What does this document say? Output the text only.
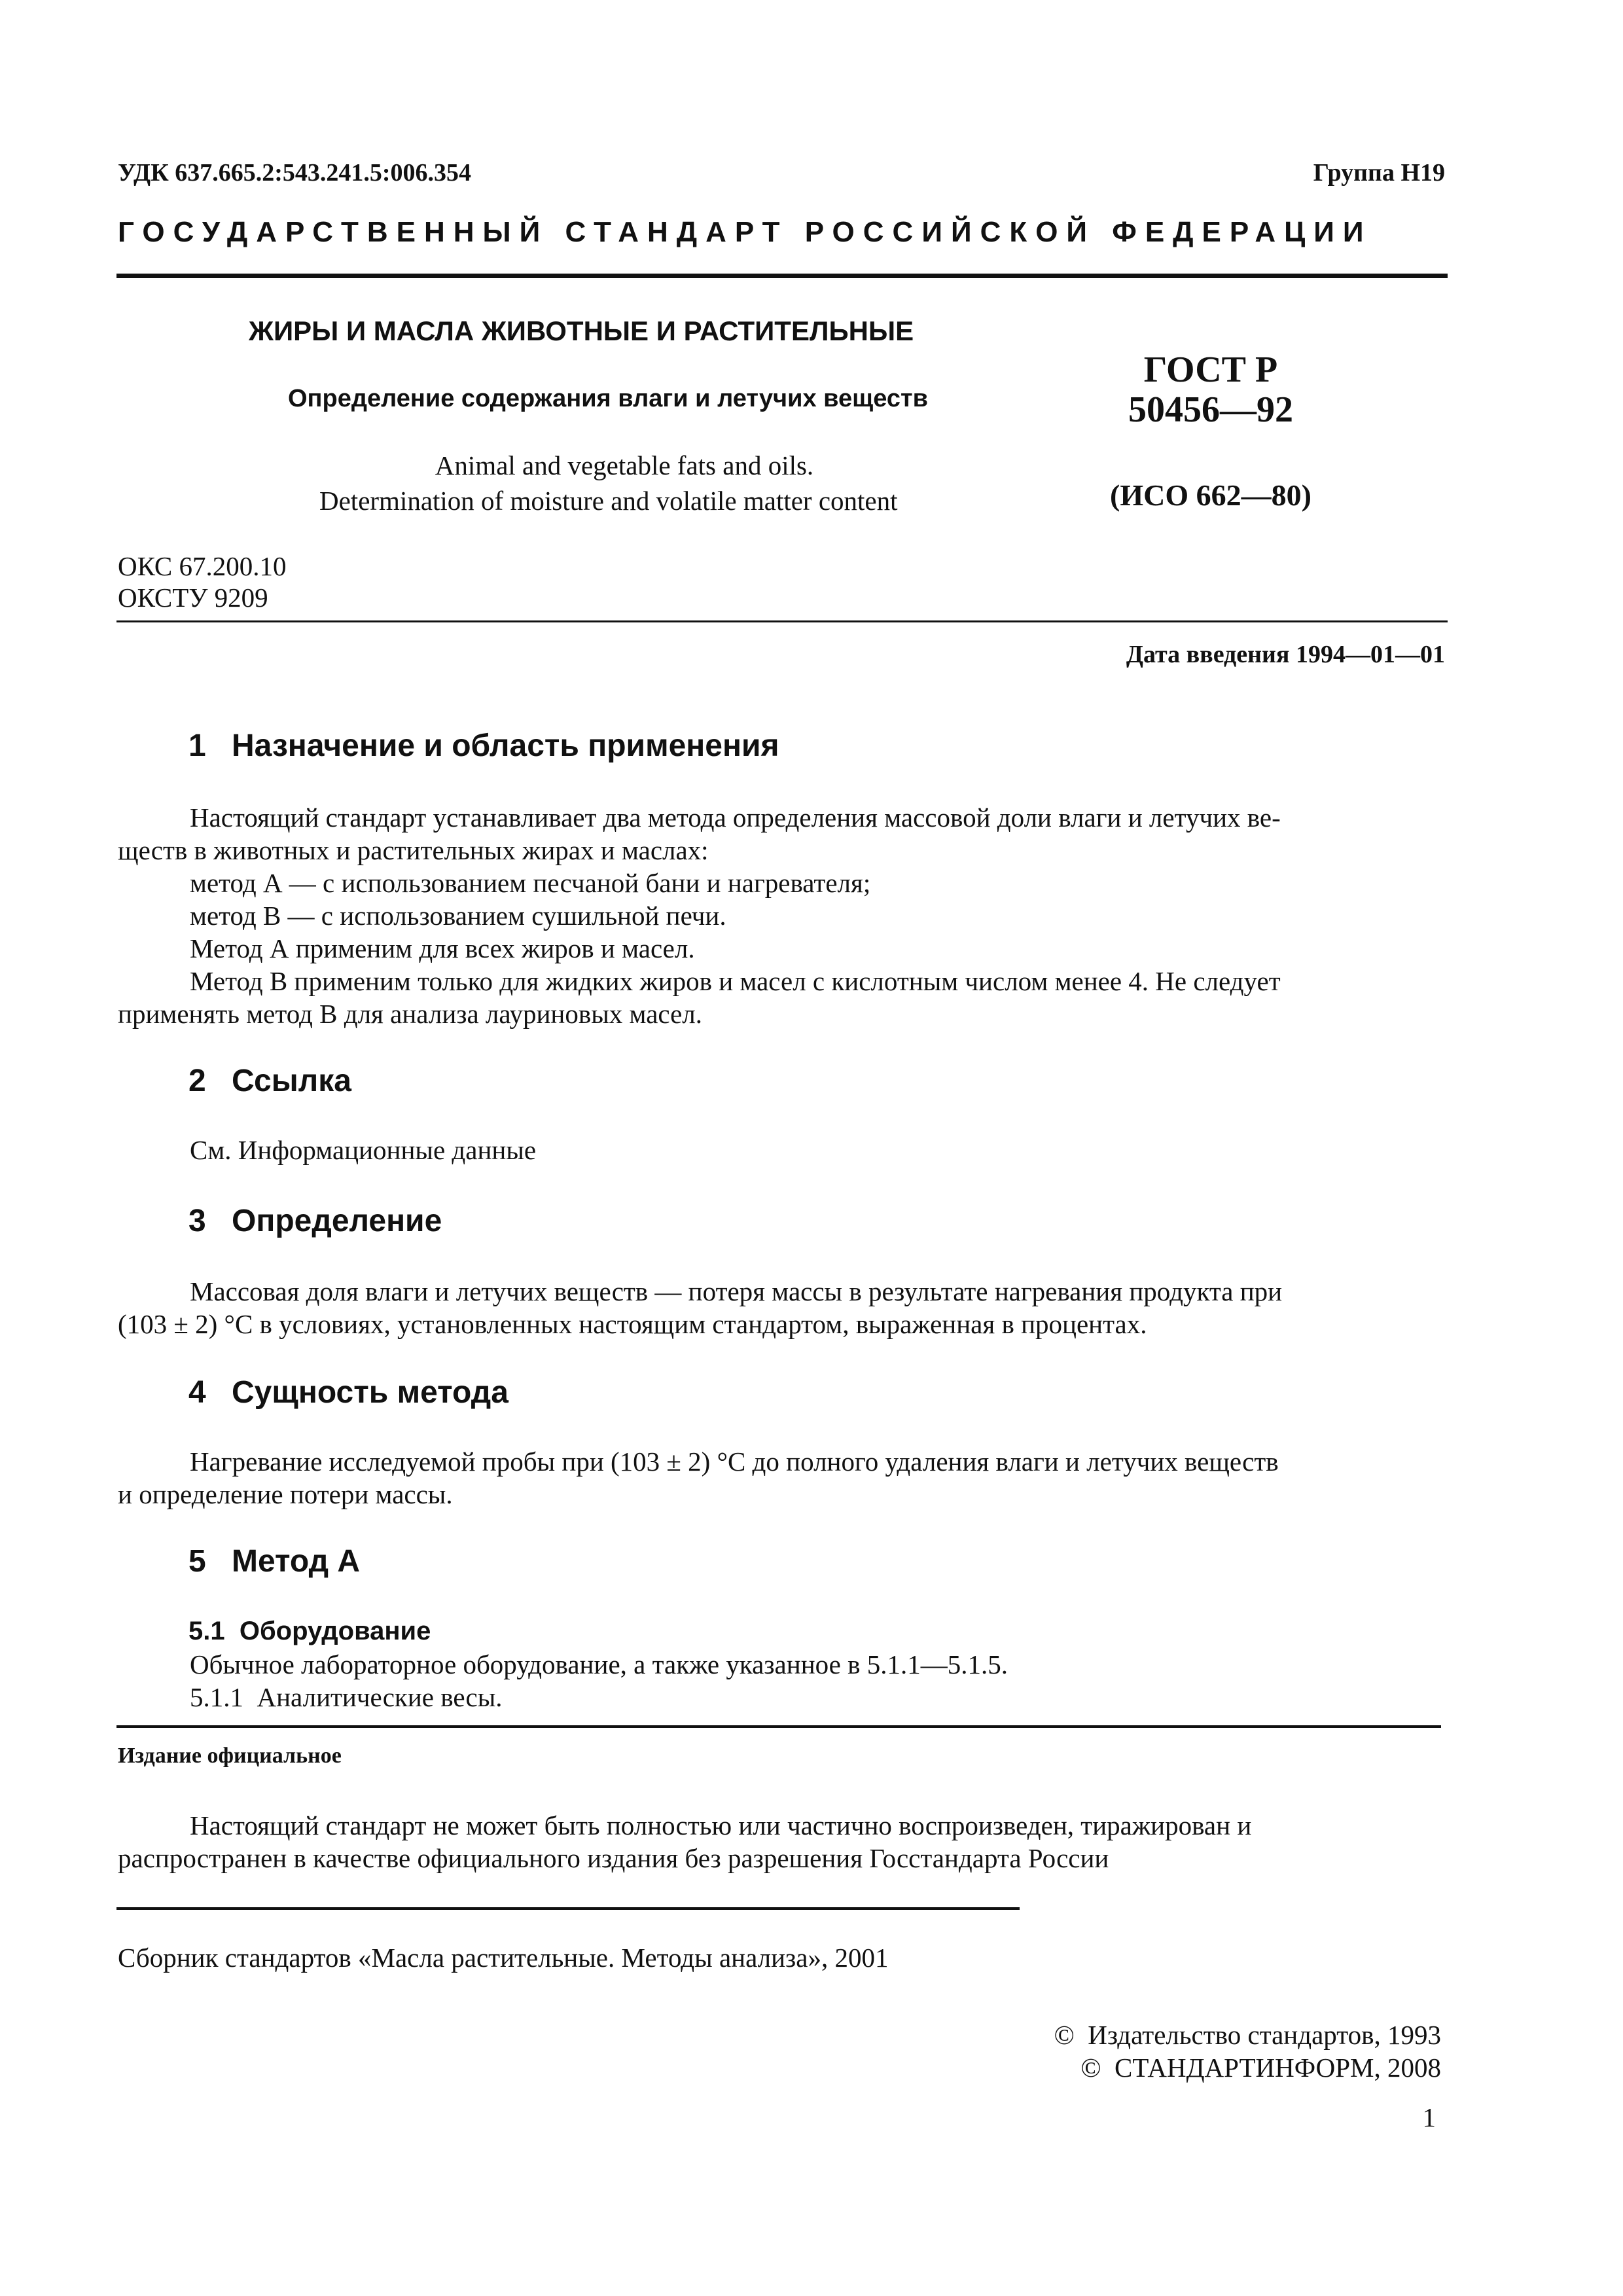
УДК 637.665.2:543.241.5:006.354	Группа Н19
ГОСУДАРСТВЕННЫЙ СТАНДАРТ РОССИЙСКОЙ ФЕДЕРАЦИИ
ЖИРЫ И МАСЛА ЖИВОТНЫЕ И РАСТИТЕЛЬНЫЕ
Определение содержания влаги и летучих веществ
Animal and vegetable fats and oils.
Determination of moisture and volatile matter content
ГОСТ Р
50456—92
(ИСО 662—80)
ОКС 67.200.10
ОКСТУ 9209
Дата введения 1994—01—01
1 Назначение и область применения
Настоящий стандарт устанавливает два метода определения массовой доли влаги и летучих ве-
ществ в животных и растительных жирах и маслах:
метод А — с использованием песчаной бани и нагревателя;
метод В — с использованием сушильной печи.
Метод А применим для всех жиров и масел.
Метод В применим только для жидких жиров и масел с кислотным числом менее 4. Не следует
применять метод В для анализа лауриновых масел.
2 Ссылка
См. Информационные данные
3 Определение
Массовая доля влаги и летучих веществ — потеря массы в результате нагревания продукта при
(103 ± 2) °С в условиях, установленных настоящим стандартом, выраженная в процентах.
4 Сущность метода
Нагревание исследуемой пробы при (103 ± 2) °С до полного удаления влаги и летучих веществ
и определение потери массы.
5 Метод А
5.1 Оборудование
Обычное лабораторное оборудование, а также указанное в 5.1.1—5.1.5.
5.1.1  Аналитические весы.
Издание официальное
Настоящий стандарт не может быть полностью или частично воспроизведен, тиражирован и
распространен в качестве официального издания без разрешения Госстандарта России
Сборник стандартов «Масла растительные. Методы анализа», 2001
©  Издательство стандартов, 1993
©  СТАНДАРТИНФОРМ, 2008
1
